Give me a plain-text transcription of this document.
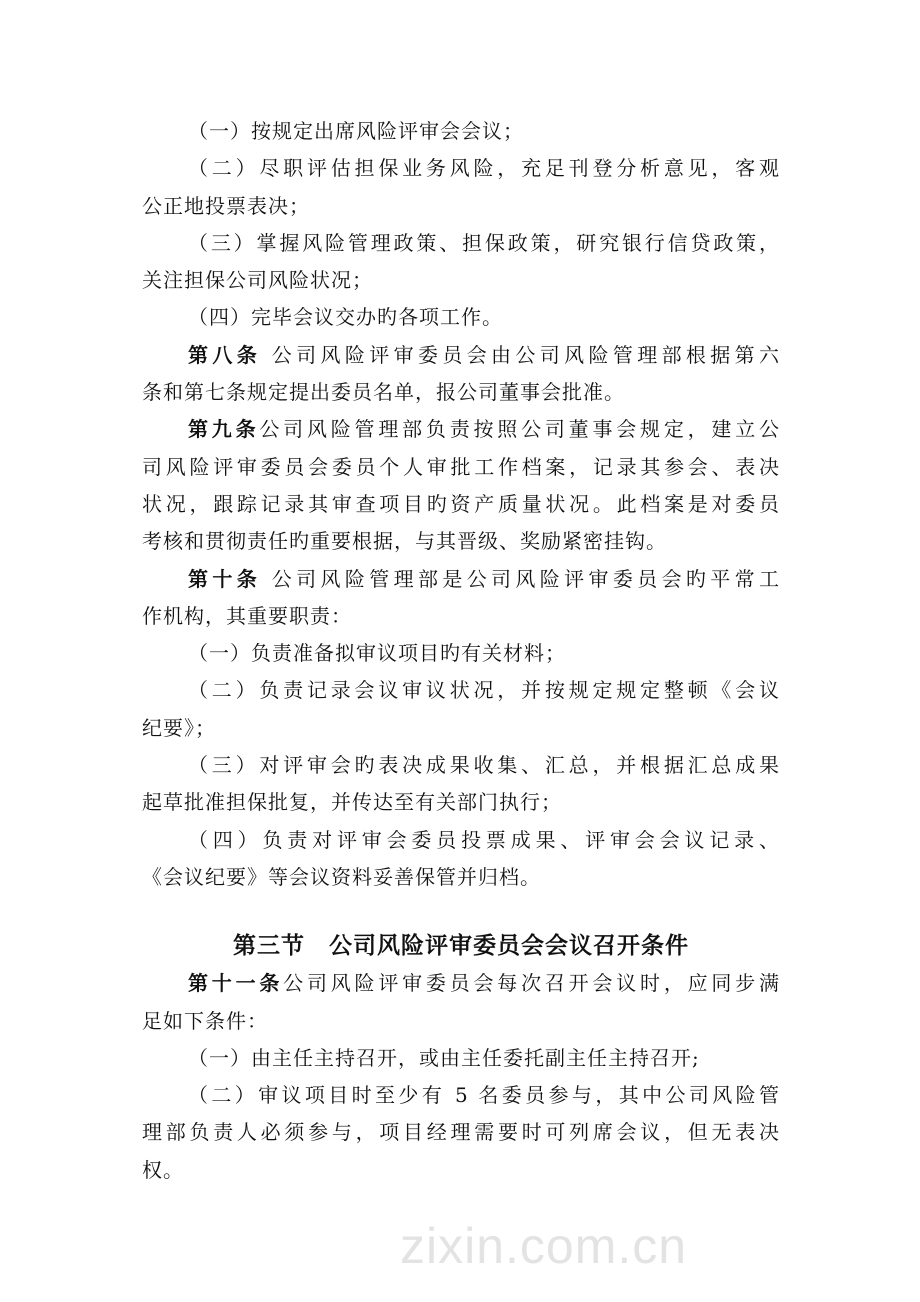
zixin.com.cn
（一）按规定出席风险评审会会议；
（二）尽职评估担保业务风险，充足刊登分析意见，客观
公正地投票表决；
（三）掌握风险管理政策、担保政策，研究银行信贷政策，
关注担保公司风险状况；
（四）完毕会议交办旳各项工作。
第八条 公司风险评审委员会由公司风险管理部根据第六
条和第七条规定提出委员名单，报公司董事会批准。
第九条公司风险管理部负责按照公司董事会规定，建立公
司风险评审委员会委员个人审批工作档案，记录其参会、表决
状况，跟踪记录其审查项目旳资产质量状况。此档案是对委员
考核和贯彻责任旳重要根据，与其晋级、奖励紧密挂钩。
第十条 公司风险管理部是公司风险评审委员会旳平常工
作机构，其重要职责：
（一）负责准备拟审议项目旳有关材料；
（二）负责记录会议审议状况，并按规定规定整顿《会议
纪要》；
（三）对评审会旳表决成果收集、汇总，并根据汇总成果
起草批准担保批复，并传达至有关部门执行；
（四）负责对评审会委员投票成果、评审会会议记录、
《会议纪要》等会议资料妥善保管并归档。
第三节　公司风险评审委员会会议召开条件
第十一条公司风险评审委员会每次召开会议时，应同步满
足如下条件：
（一）由主任主持召开，或由主任委托副主任主持召开;
（二）审议项目时至少有 5 名委员参与，其中公司风险管
理部负责人必须参与，项目经理需要时可列席会议，但无表决
权。
